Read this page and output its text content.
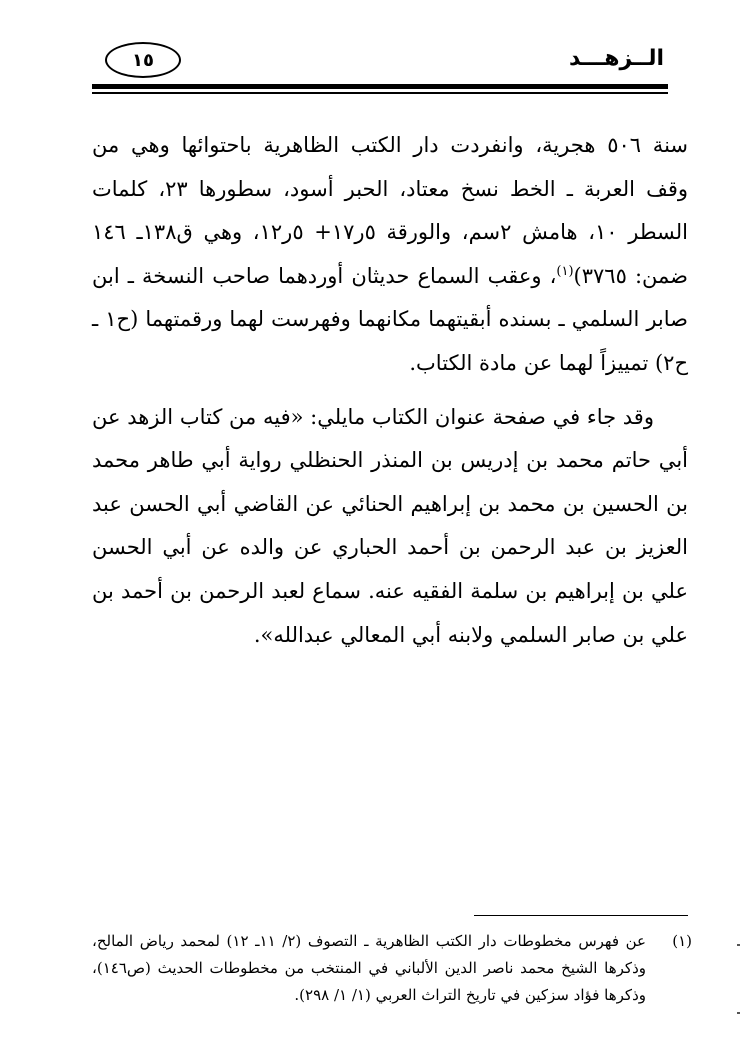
١٥	الــزهـــد

سنة ٥٠٦ هجرية، وانفردت دار الكتب الظاهرية باحتوائها وهي من وقف العربة ـ الخط نسخ معتاد، الحبر أسود، سطورها ٢٣، كلمات السطر ١٠، هامش ٢سم، والورقة ٥ر١٧+ ٥ر١٢، وهي ق١٣٨ـ ١٤٦ ضمن: ٣٧٦٥)$^{(١)}$، وعقب السماع حديثان أوردهما صاحب النسخة ـ ابن صابر السلمي ـ بسنده أبقيتهما مكانهما وفهرست لهما ورقمتهما (ح١ ـ ح٢) تمييزاً لهما عن مادة الكتاب.

وقد جاء في صفحة عنوان الكتاب مايلي: «فيه من كتاب الزهد عن أبي حاتم محمد بن إدريس بن المنذر الحنظلي رواية أبي طاهر محمد بن الحسين بن محمد بن إبراهيم الحنائي عن القاضي أبي الحسن عبد العزيز بن عبد الرحمن بن أحمد الحباري عن والده عن أبي الحسن علي بن إبراهيم بن سلمة الفقيه عنه. سماع لعبد الرحمن بن أحمد بن علي بن صابر السلمي ولابنه أبي المعالي عبدالله».

(١)
عن فهرس مخطوطات دار الكتب الظاهرية ـ التصوف (٢/ ١١ـ ١٢) لمحمد رياض المالح، وذكرها الشيخ محمد ناصر الدين الألباني في المنتخب من مخطوطات الحديث (ص١٤٦)، وذكرها فؤاد سزكين في تاريخ التراث العربي (١/ ١/ ٢٩٨).
